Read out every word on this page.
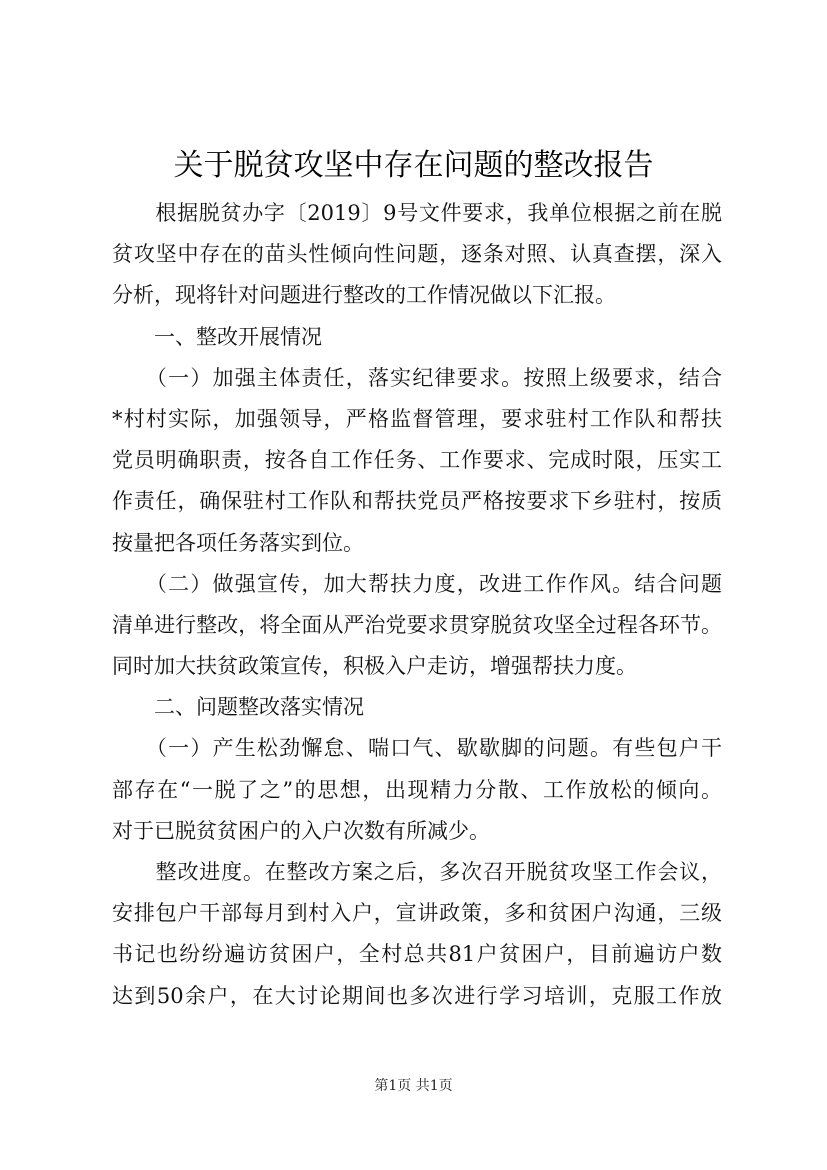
关于脱贫攻坚中存在问题的整改报告
　　根据脱贫办字〔2019〕9号文件要求，我单位根据之前在脱
贫攻坚中存在的苗头性倾向性问题，逐条对照、认真查摆，深入
分析，现将针对问题进行整改的工作情况做以下汇报。
　　一、整改开展情况
　　（一）加强主体责任，落实纪律要求。按照上级要求，结合
*村村实际，加强领导，严格监督管理，要求驻村工作队和帮扶
党员明确职责，按各自工作任务、工作要求、完成时限，压实工
作责任，确保驻村工作队和帮扶党员严格按要求下乡驻村，按质
按量把各项任务落实到位。
　　（二）做强宣传，加大帮扶力度，改进工作作风。结合问题
清单进行整改，将全面从严治党要求贯穿脱贫攻坚全过程各环节。
同时加大扶贫政策宣传，积极入户走访，增强帮扶力度。
　　二、问题整改落实情况
　　（一）产生松劲懈怠、喘口气、歇歇脚的问题。有些包户干
部存在“一脱了之”的思想，出现精力分散、工作放松的倾向。
对于已脱贫贫困户的入户次数有所减少。
　　整改进度。在整改方案之后，多次召开脱贫攻坚工作会议，
安排包户干部每月到村入户，宣讲政策，多和贫困户沟通，三级
书记也纷纷遍访贫困户，全村总共81户贫困户，目前遍访户数
达到50余户，在大讨论期间也多次进行学习培训，克服工作放
第1页 共1页
